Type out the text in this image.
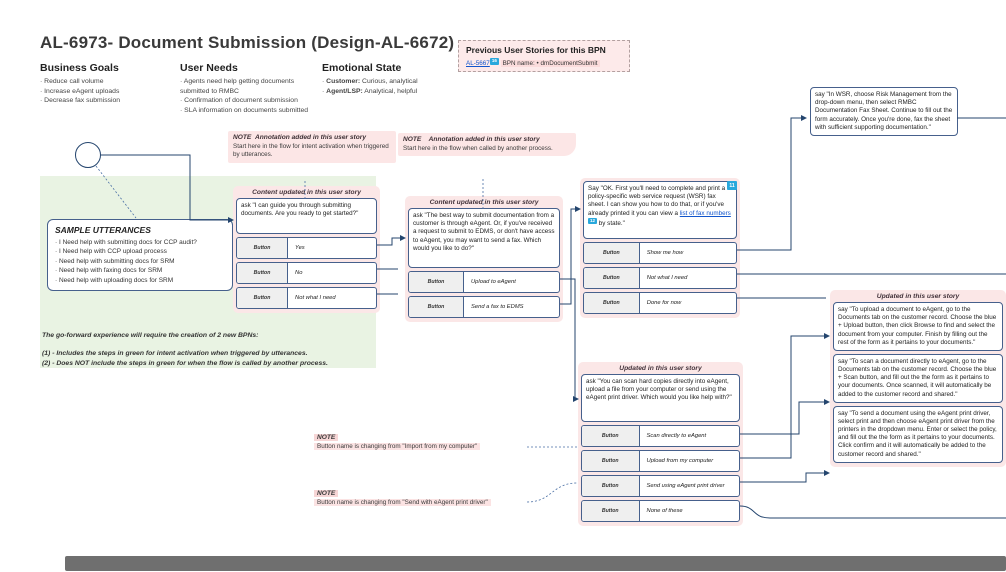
AL-6973- Document Submission (Design-AL-6672)
Business Goals
· Reduce call volume
· Increase eAgent uploads
· Decrease fax submission
User Needs
· Agents need help getting documents submitted to RMBC
· Confirmation of document submission
· SLA information on documents submitted
Emotional State
· Customer: Curious, analytical
· Agent/LSP: Analytical, helpful
Previous User Stories for this BPN
AL-5667 16 BPN name: • dmDocumentSubmit
say "In WSR, choose Risk Management from the drop-down menu, then select RMBC Documentation Fax Sheet. Continue to fill out the form accurately. Once you're done, fax the sheet with sufficient supporting documentation."
NOTE Annotation added in this user story
Start here in the flow for intent activation when triggered by utterances.
NOTE Annotation added in this user story
Start here in the flow when called by another process.
SAMPLE UTTERANCES
· I Need help with submitting docs for CCP audit?
· I Need help with CCP upload process
· Need help with submitting docs for SRM
· Need help with faxing docs for SRM
· Need help with uploading docs for SRM
The go-forward experience will require the creation of 2 new BPNs:
(1) - Includes the steps in green for intent activation when triggered by utterances.
(2) - Does NOT include the steps in green for when the flow is called by another process.
Content updated in this user story
ask "I can guide you through submitting documents. Are you ready to get started?"
Button	Yes
Button	No
Button	Not what I need
Content updated in this user story
ask "The best way to submit documentation from a customer is through eAgent. Or, if you've received a request to submit to EDMS, or don't have access to eAgent, you may want to send a fax. Which would you like to do?"
Button	Upload to eAgent
Button	Send a fax to EDMS
Say "OK. First you'll need to complete and print a policy-specific web service request (WSR) fax sheet. I can show you how to do that, or if you've already printed it you can view a list of fax numbers12 by state."
Button	Show me how
Button	Not what I need
Button	Done for now
11
Updated in this user story
ask "You can scan hard copies directly into eAgent, upload a file from your computer or send using the eAgent print driver. Which would you like help with?"
Button	Scan directly to eAgent
Button	Upload from my computer
Button	Send using eAgent print driver
Button	None of these
Updated in this user story
say "To upload a document to eAgent, go to the Documents tab on the customer record. Choose the blue + Upload button, then click Browse to find and select the document from your computer. Finish by filling out the rest of the form as it pertains to your documents."
say "To scan a document directly to eAgent, go to the Documents tab on the customer record. Choose the blue + Scan button, and fill out the the form as it pertains to your documents. Once scanned, it will automatically be added to the customer record and shared."
say "To send a document using the eAgent print driver, select print and then choose eAgent print driver from the printers in the dropdown menu. Enter or select the policy, and fill out the the form as it pertains to your documents. Click confirm and it will automatically be added to the customer record and shared."
NOTE
Button name is changing from "Import from my computer"
NOTE
Button name is changing from "Send with eAgent print driver"
